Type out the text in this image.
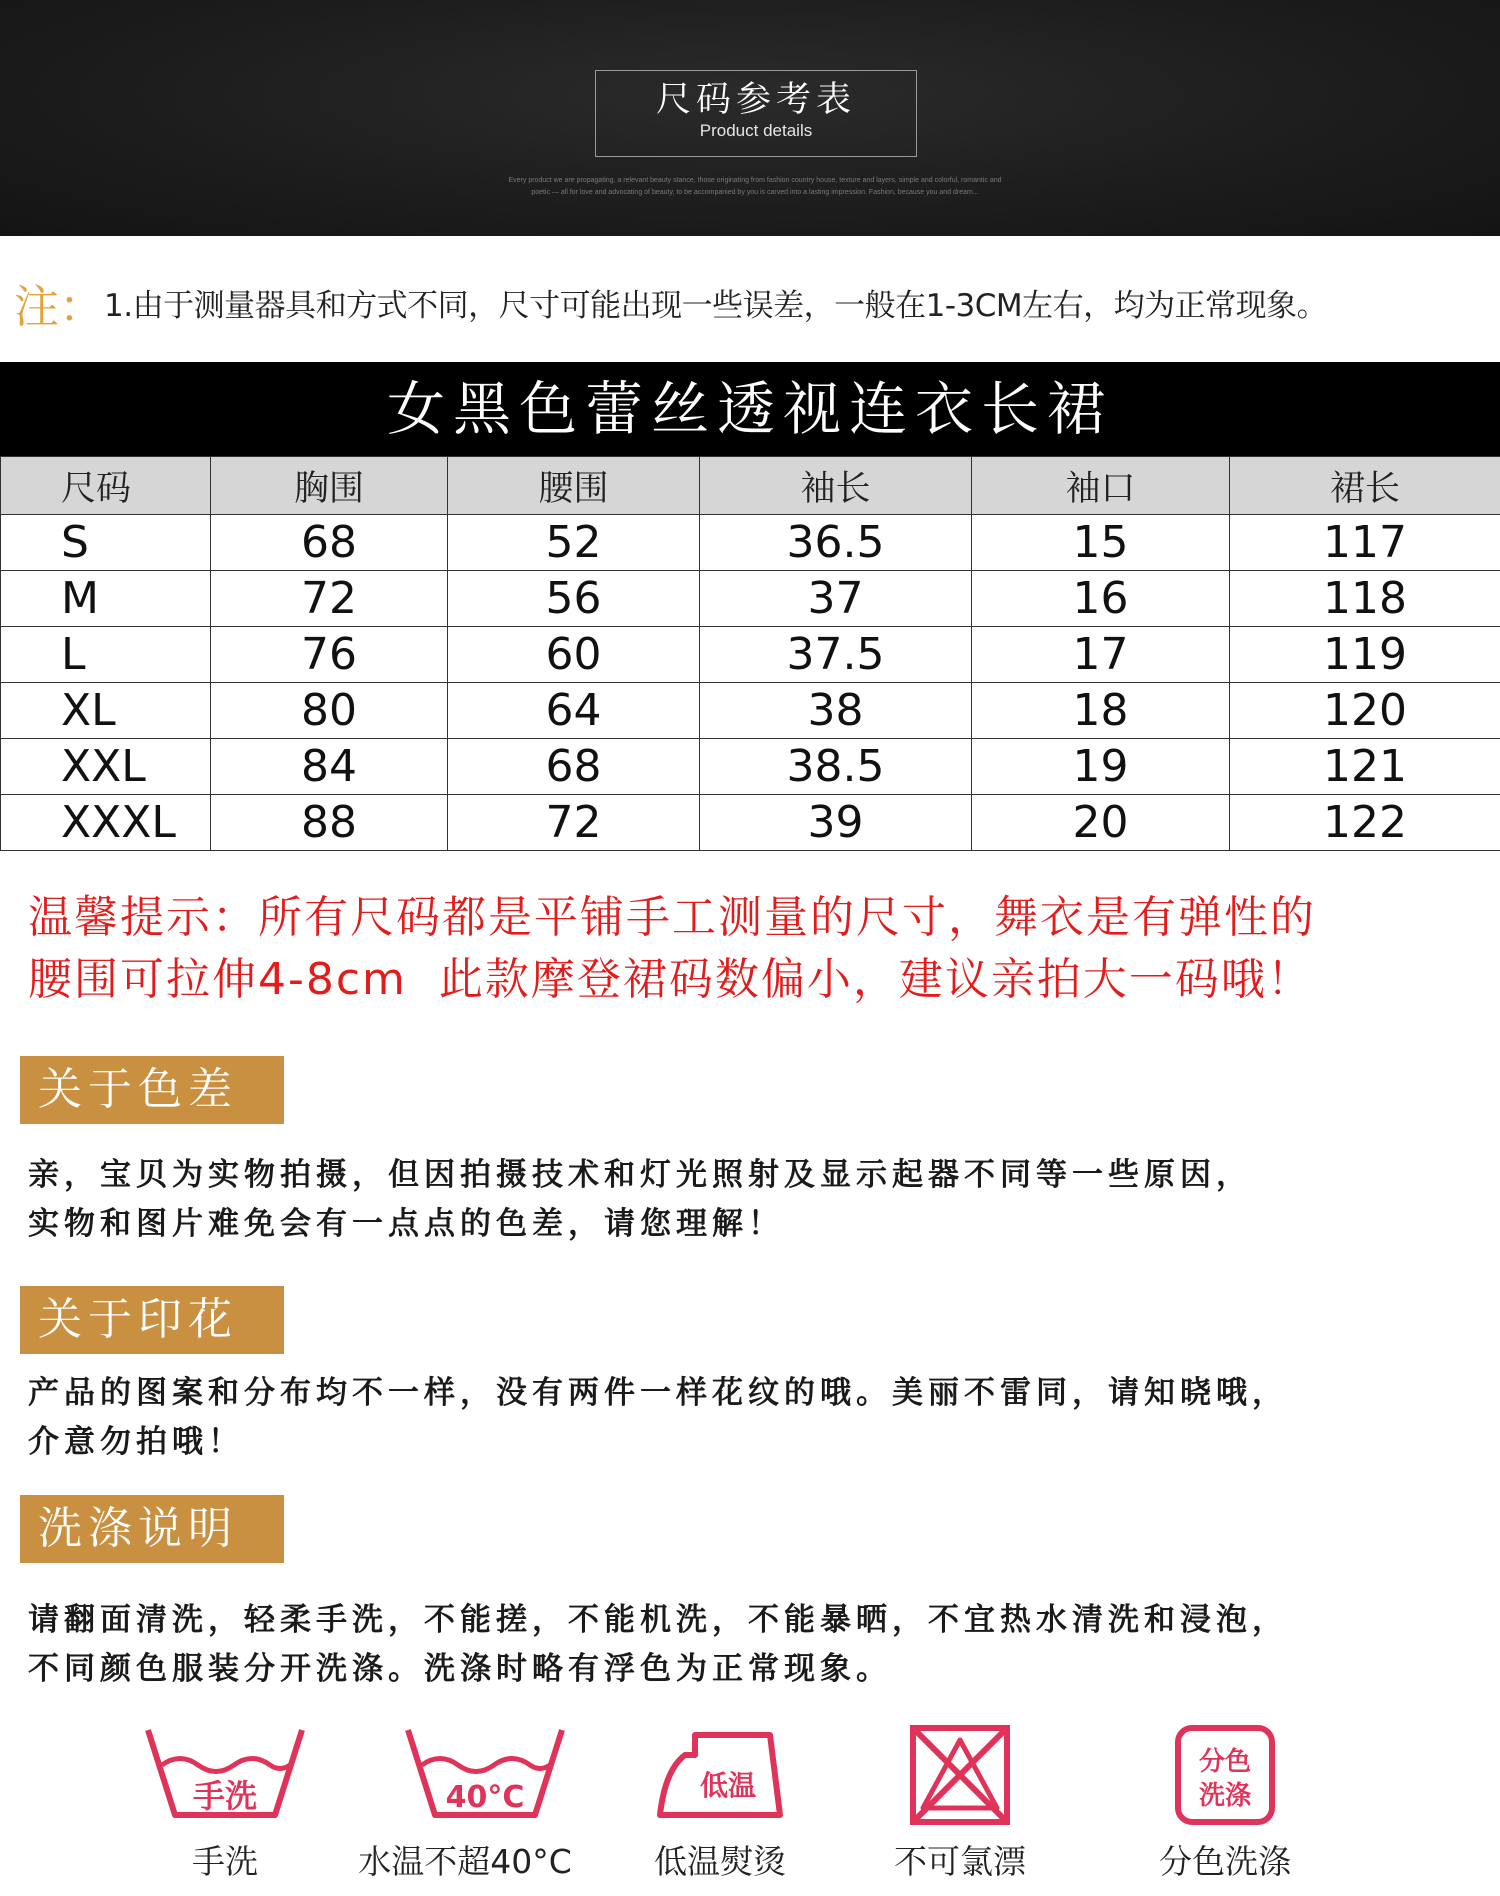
尺码参考表
Product details
Every product we are propagating, a relevant beauty stance, those originating from fashion country house, texture and layers, simple and colorful, romantic and
poetic — all for love and advocating of beauty, to be accompanied by you is carved into a lasting impression. Fashion, because you and dream...
注：1.由于测量器具和方式不同，尺寸可能出现一些误差，一般在1-3CM左右，均为正常现象。
女黑色蕾丝透视连衣长裙
尺码	胸围	腰围	袖长	袖口	裙长
S	68	52	36.5	15	117
M	72	56	37	16	118
L	76	60	37.5	17	119
XL	80	64	38	18	120
XXL	84	68	38.5	19	121
XXXL	88	72	39	20	122
温馨提示：所有尺码都是平铺手工测量的尺寸，舞衣是有弹性的
腰围可拉伸4-8cm  此款摩登裙码数偏小，建议亲拍大一码哦！
关于色差
亲，宝贝为实物拍摄，但因拍摄技术和灯光照射及显示起器不同等一些原因，
实物和图片难免会有一点点的色差，请您理解！
关于印花
产品的图案和分布均不一样，没有两件一样花纹的哦。美丽不雷同，请知晓哦，
介意勿拍哦！
洗涤说明
请翻面清洗，轻柔手洗，不能搓，不能机洗，不能暴晒，不宜热水清洗和浸泡，
不同颜色服装分开洗涤。洗涤时略有浮色为正常现象。
手洗
手洗
40°C
水温不超40°C
低温
低温熨烫	不可氯漂
分色
洗涤
分色洗涤
